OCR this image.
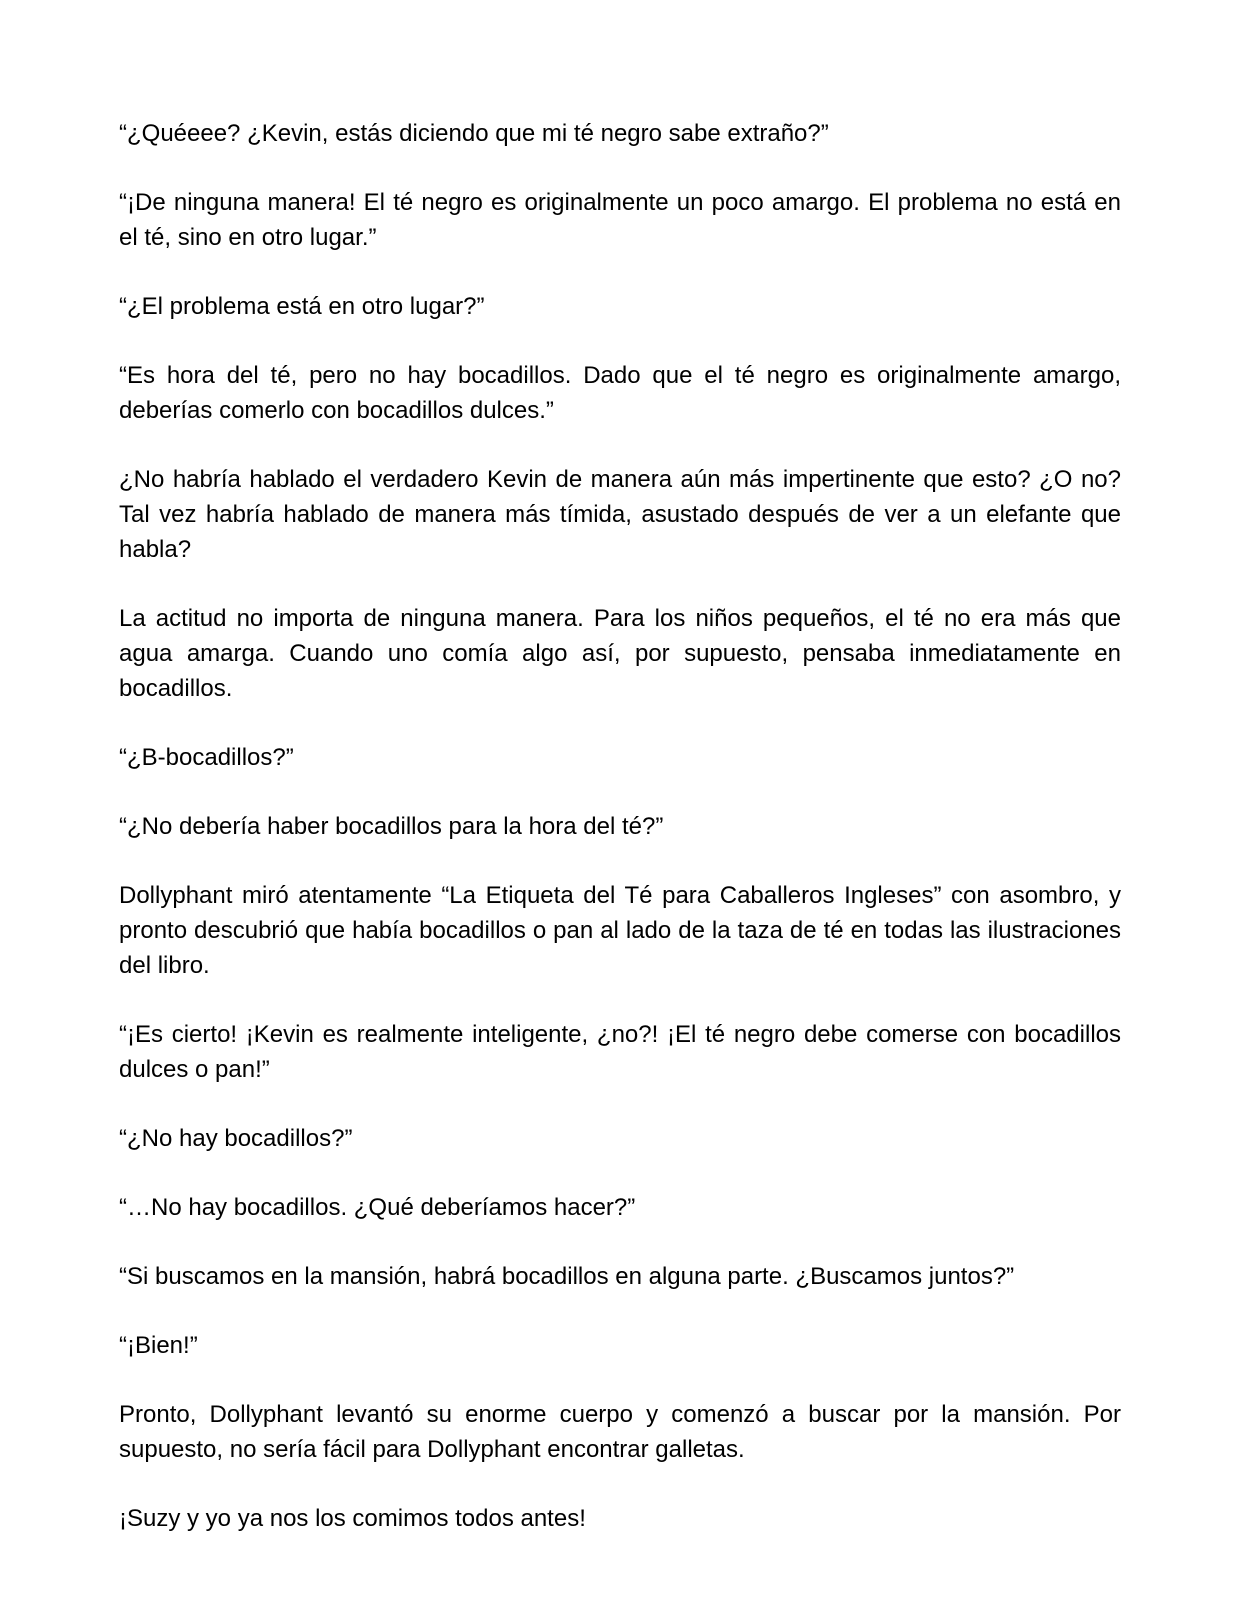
“¿Quéeee? ¿Kevin, estás diciendo que mi té negro sabe extraño?”

“¡De ninguna manera! El té negro es originalmente un poco amargo. El problema no está en el té, sino en otro lugar.”

“¿El problema está en otro lugar?”

“Es hora del té, pero no hay bocadillos. Dado que el té negro es originalmente amargo, deberías comerlo con bocadillos dulces.”

¿No habría hablado el verdadero Kevin de manera aún más impertinente que esto? ¿O no? Tal vez habría hablado de manera más tímida, asustado después de ver a un elefante que habla?

La actitud no importa de ninguna manera. Para los niños pequeños, el té no era más que agua amarga. Cuando uno comía algo así, por supuesto, pensaba inmediatamente en bocadillos.

“¿B-bocadillos?”

“¿No debería haber bocadillos para la hora del té?”

Dollyphant miró atentamente “La Etiqueta del Té para Caballeros Ingleses” con asombro, y pronto descubrió que había bocadillos o pan al lado de la taza de té en todas las ilustraciones del libro.

“¡Es cierto! ¡Kevin es realmente inteligente, ¿no?! ¡El té negro debe comerse con bocadillos dulces o pan!”

“¿No hay bocadillos?”

“…No hay bocadillos. ¿Qué deberíamos hacer?”

“Si buscamos en la mansión, habrá bocadillos en alguna parte. ¿Buscamos juntos?”

“¡Bien!”

Pronto, Dollyphant levantó su enorme cuerpo y comenzó a buscar por la mansión. Por supuesto, no sería fácil para Dollyphant encontrar galletas.

¡Suzy y yo ya nos los comimos todos antes!
